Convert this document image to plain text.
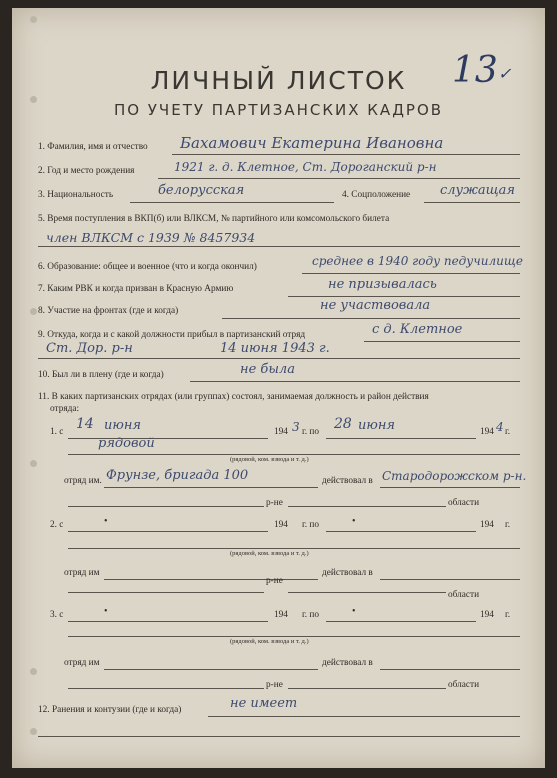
ЛИЧНЫЙ ЛИСТОК
ПО УЧЕТУ ПАРТИЗАНСКИХ КАДРОВ
13 ✓
1. Фамилия, имя и отчество Бахамович Екатерина Ивановна
2. Год и место рождения	1921 г. д. Клетное, Ст. Дороганский р-н
3. Национальность	белорусская	4. Соцположение служащая
5. Время поступления в ВКП(б) или ВЛКСМ, № партийного или комсомольского билета
член ВЛКСМ с 1939 № 8457934
6. Образование: общее и военное (что и когда окончил)	среднее в 1940 году педучилище
7. Каким РВК и когда призван в Красную Армию	не призывалась
8. Участие на фронтах (где и когда)	не участвовала
9. Откуда, когда и с какой должности прибыл в партизанский отряд	с д. Клетное
Ст. Дор. р-н	14 июня 1943 г.
10. Был ли в плену (где и когда)	не была
11. В каких партизанских отрядах (или группах) состоял, занимаемая должность и район действия
отряда:
1. с 14 июня	194 3 г. по 28 июня	194 4 г.
рядовой
(рядовой, ком. взвода и т. д.)
отряд им. Фрунзе, бригада 100	действовал в Стародорожском р-н.
р-не	области
2. с	•	194 г. по	•	194 г.
(рядовой, ком. взвода и т. д.)
отряд им	действовал в
р-не
области
3. с	•	194 г. по	•	194 г.
(рядовой, ком. взвода и т. д.)
отряд им	действовал в
р-не	области
12. Ранения и контузии (где и когда)	не имеет
